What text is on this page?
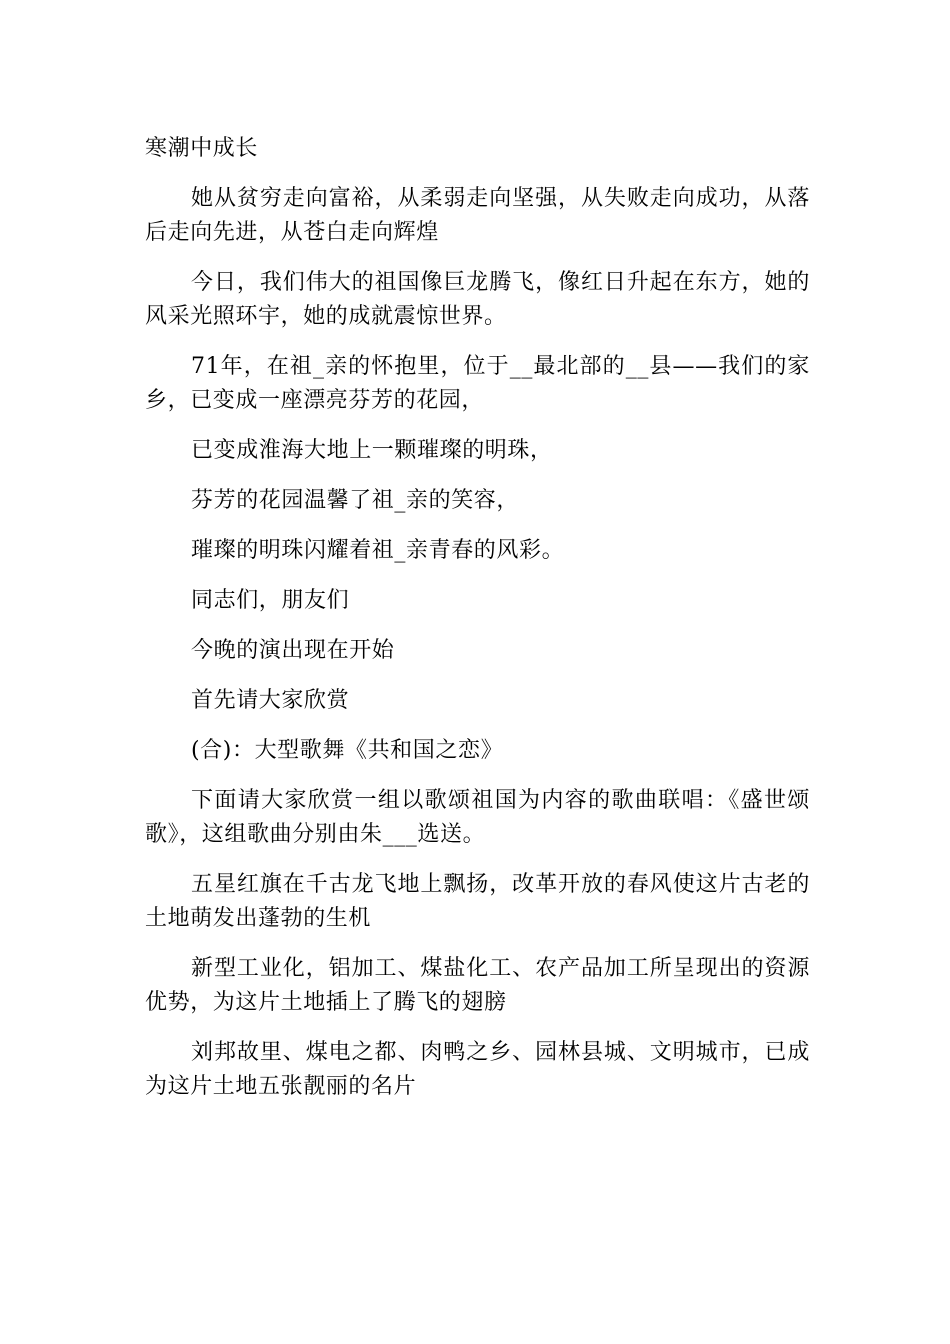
寒潮中成长

她从贫穷走向富裕，从柔弱走向坚强，从失败走向成功，从落后走向先进，从苍白走向辉煌

今日，我们伟大的祖国像巨龙腾飞，像红日升起在东方，她的风采光照环宇，她的成就震惊世界。

71年，在祖_亲的怀抱里，位于__最北部的__县——我们的家乡，已变成一座漂亮芬芳的花园，

已变成淮海大地上一颗璀璨的明珠，

芬芳的花园温馨了祖_亲的笑容，

璀璨的明珠闪耀着祖_亲青春的风彩。

同志们，朋友们

今晚的演出现在开始

首先请大家欣赏

(合)：大型歌舞《共和国之恋》

下面请大家欣赏一组以歌颂祖国为内容的歌曲联唱：《盛世颂歌》，这组歌曲分别由朱___选送。

五星红旗在千古龙飞地上飘扬，改革开放的春风使这片古老的土地萌发出蓬勃的生机

新型工业化，铝加工、煤盐化工、农产品加工所呈现出的资源优势，为这片土地插上了腾飞的翅膀

刘邦故里、煤电之都、肉鸭之乡、园林县城、文明城市，已成为这片土地五张靓丽的名片
